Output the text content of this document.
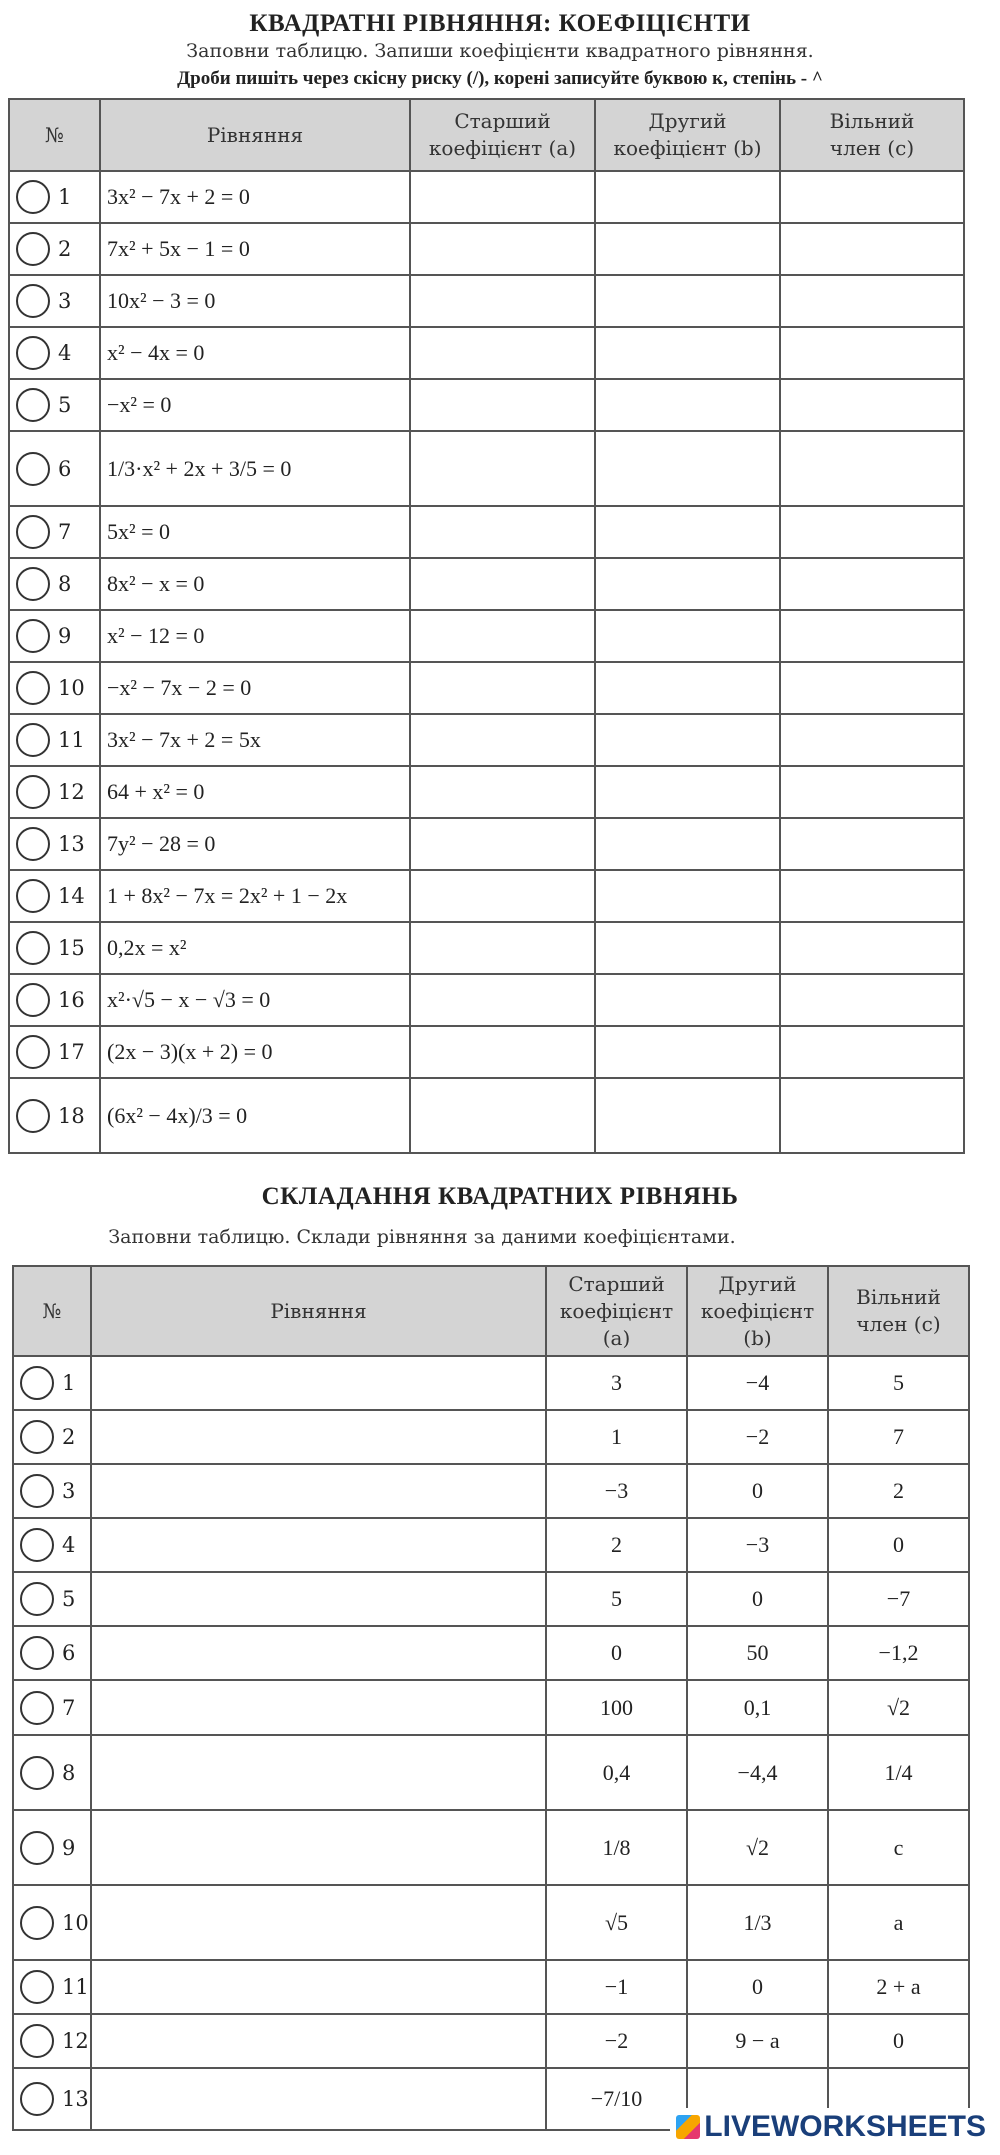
КВАДРАТНІ РІВНЯННЯ: КОЕФІЦІЄНТИ
Заповни таблицю. Запиши коефіцієнти квадратного рівняння.
Дроби пишіть через скісну риску (/), корені записуйте буквою к, степінь - ^
№	Рівняння	Старший
коефіцієнт (a)	Другий
коефіцієнт (b)	Вільний
член (c)
1	3x² − 7x + 2 = 0	

2	7x² + 5x − 1 = 0	

3	10x² − 3 = 0	

4	x² − 4x = 0	

5	−x² = 0	

6	1/3·x² + 2x + 3/5 = 0	

7	5x² = 0	

8	8x² − x = 0	

9	x² − 12 = 0	

10	−x² − 7x − 2 = 0	

11	3x² − 7x + 2 = 5x	

12	64 + x² = 0	

13	7y² − 28 = 0	

14	1 + 8x² − 7x = 2x² + 1 − 2x	

15	0,2x = x²	

16	x²·√5 − x − √3 = 0	

17	(2x − 3)(x + 2) = 0	

18	(6x² − 4x)/3 = 0	

СКЛАДАННЯ КВАДРАТНИХ РІВНЯНЬ
Заповни таблицю. Склади рівняння за даними коефіцієнтами.
№	Рівняння	Старший
коефіцієнт
(a)	Другий
коефіцієнт
(b)	Вільний
член (c)
1		3	−4	5
2		1	−2	7
3		−3	0	2
4		2	−3	0
5		5	0	−7
6		0	50	−1,2
7		100	0,1	√2
8		0,4	−4,4	1/4
9		1/8	√2	c
10		√5	1/3	a
11		−1	0	2 + a
12		−2	9 − a	0
13		−7/10		
LIVEWORKSHEETS
